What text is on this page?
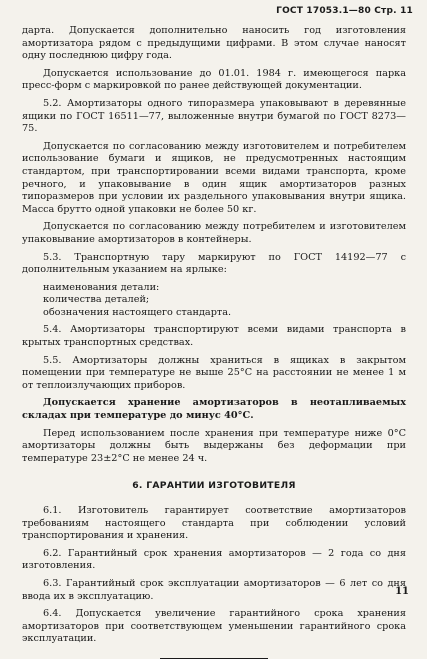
ГОСТ 17053.1—80 Стр. 11

дарта. Допускается дополнительно наносить год изготовления амортизатора рядом с предыдущими цифрами. В этом случае наносят одну последнюю цифру года.

Допускается использование до 01.01. 1984 г. имеющегося парка пресс-форм с маркировкой по ранее действующей документации.

5.2. Амортизаторы одного типоразмера упаковывают в деревянные ящики по ГОСТ 16511—77, выложенные внутри бумагой по ГОСТ 8273—75.

Допускается по согласованию между изготовителем и потребителем использование бумаги и ящиков, не предусмотренных настоящим стандартом, при транспортировании всеми видами транспорта, кроме речного, и упаковывание в один ящик амортизаторов разных типоразмеров при условии их раздельного упаковывания внутри ящика. Масса брутто одной упаковки не более 50 кг.

Допускается по согласованию между потребителем и изготовителем упаковывание амортизаторов в контейнеры.

5.3. Транспортную тару маркируют по ГОСТ 14192—77 с дополнительным указанием на ярлыке:

наименования детали:
количества деталей;
обозначения настоящего стандарта.

5.4. Амортизаторы транспортируют всеми видами транспорта в крытых транспортных средствах.

5.5. Амортизаторы должны храниться в ящиках в закрытом помещении при температуре не выше 25°С на расстоянии не менее 1 м от теплоизлучающих приборов.

Допускается хранение амортизаторов в неотапливаемых складах при температуре до минус 40°С.

Перед использованием после хранения при температуре ниже 0°С амортизаторы должны быть выдержаны без деформации при температуре 23±2°С не менее 24 ч.

6. ГАРАНТИИ ИЗГОТОВИТЕЛЯ

6.1. Изготовитель гарантирует соответствие амортизаторов требованиям настоящего стандарта при соблюдении условий транспортирования и хранения.

6.2. Гарантийный срок хранения амортизаторов — 2 года со дня изготовления.

6.3. Гарантийный срок эксплуатации амортизаторов — 6 лет со дня ввода их в эксплуатацию.

6.4. Допускается увеличение гарантийного срока хранения амортизаторов при соответствующем уменьшении гарантийного срока эксплуатации.

11
